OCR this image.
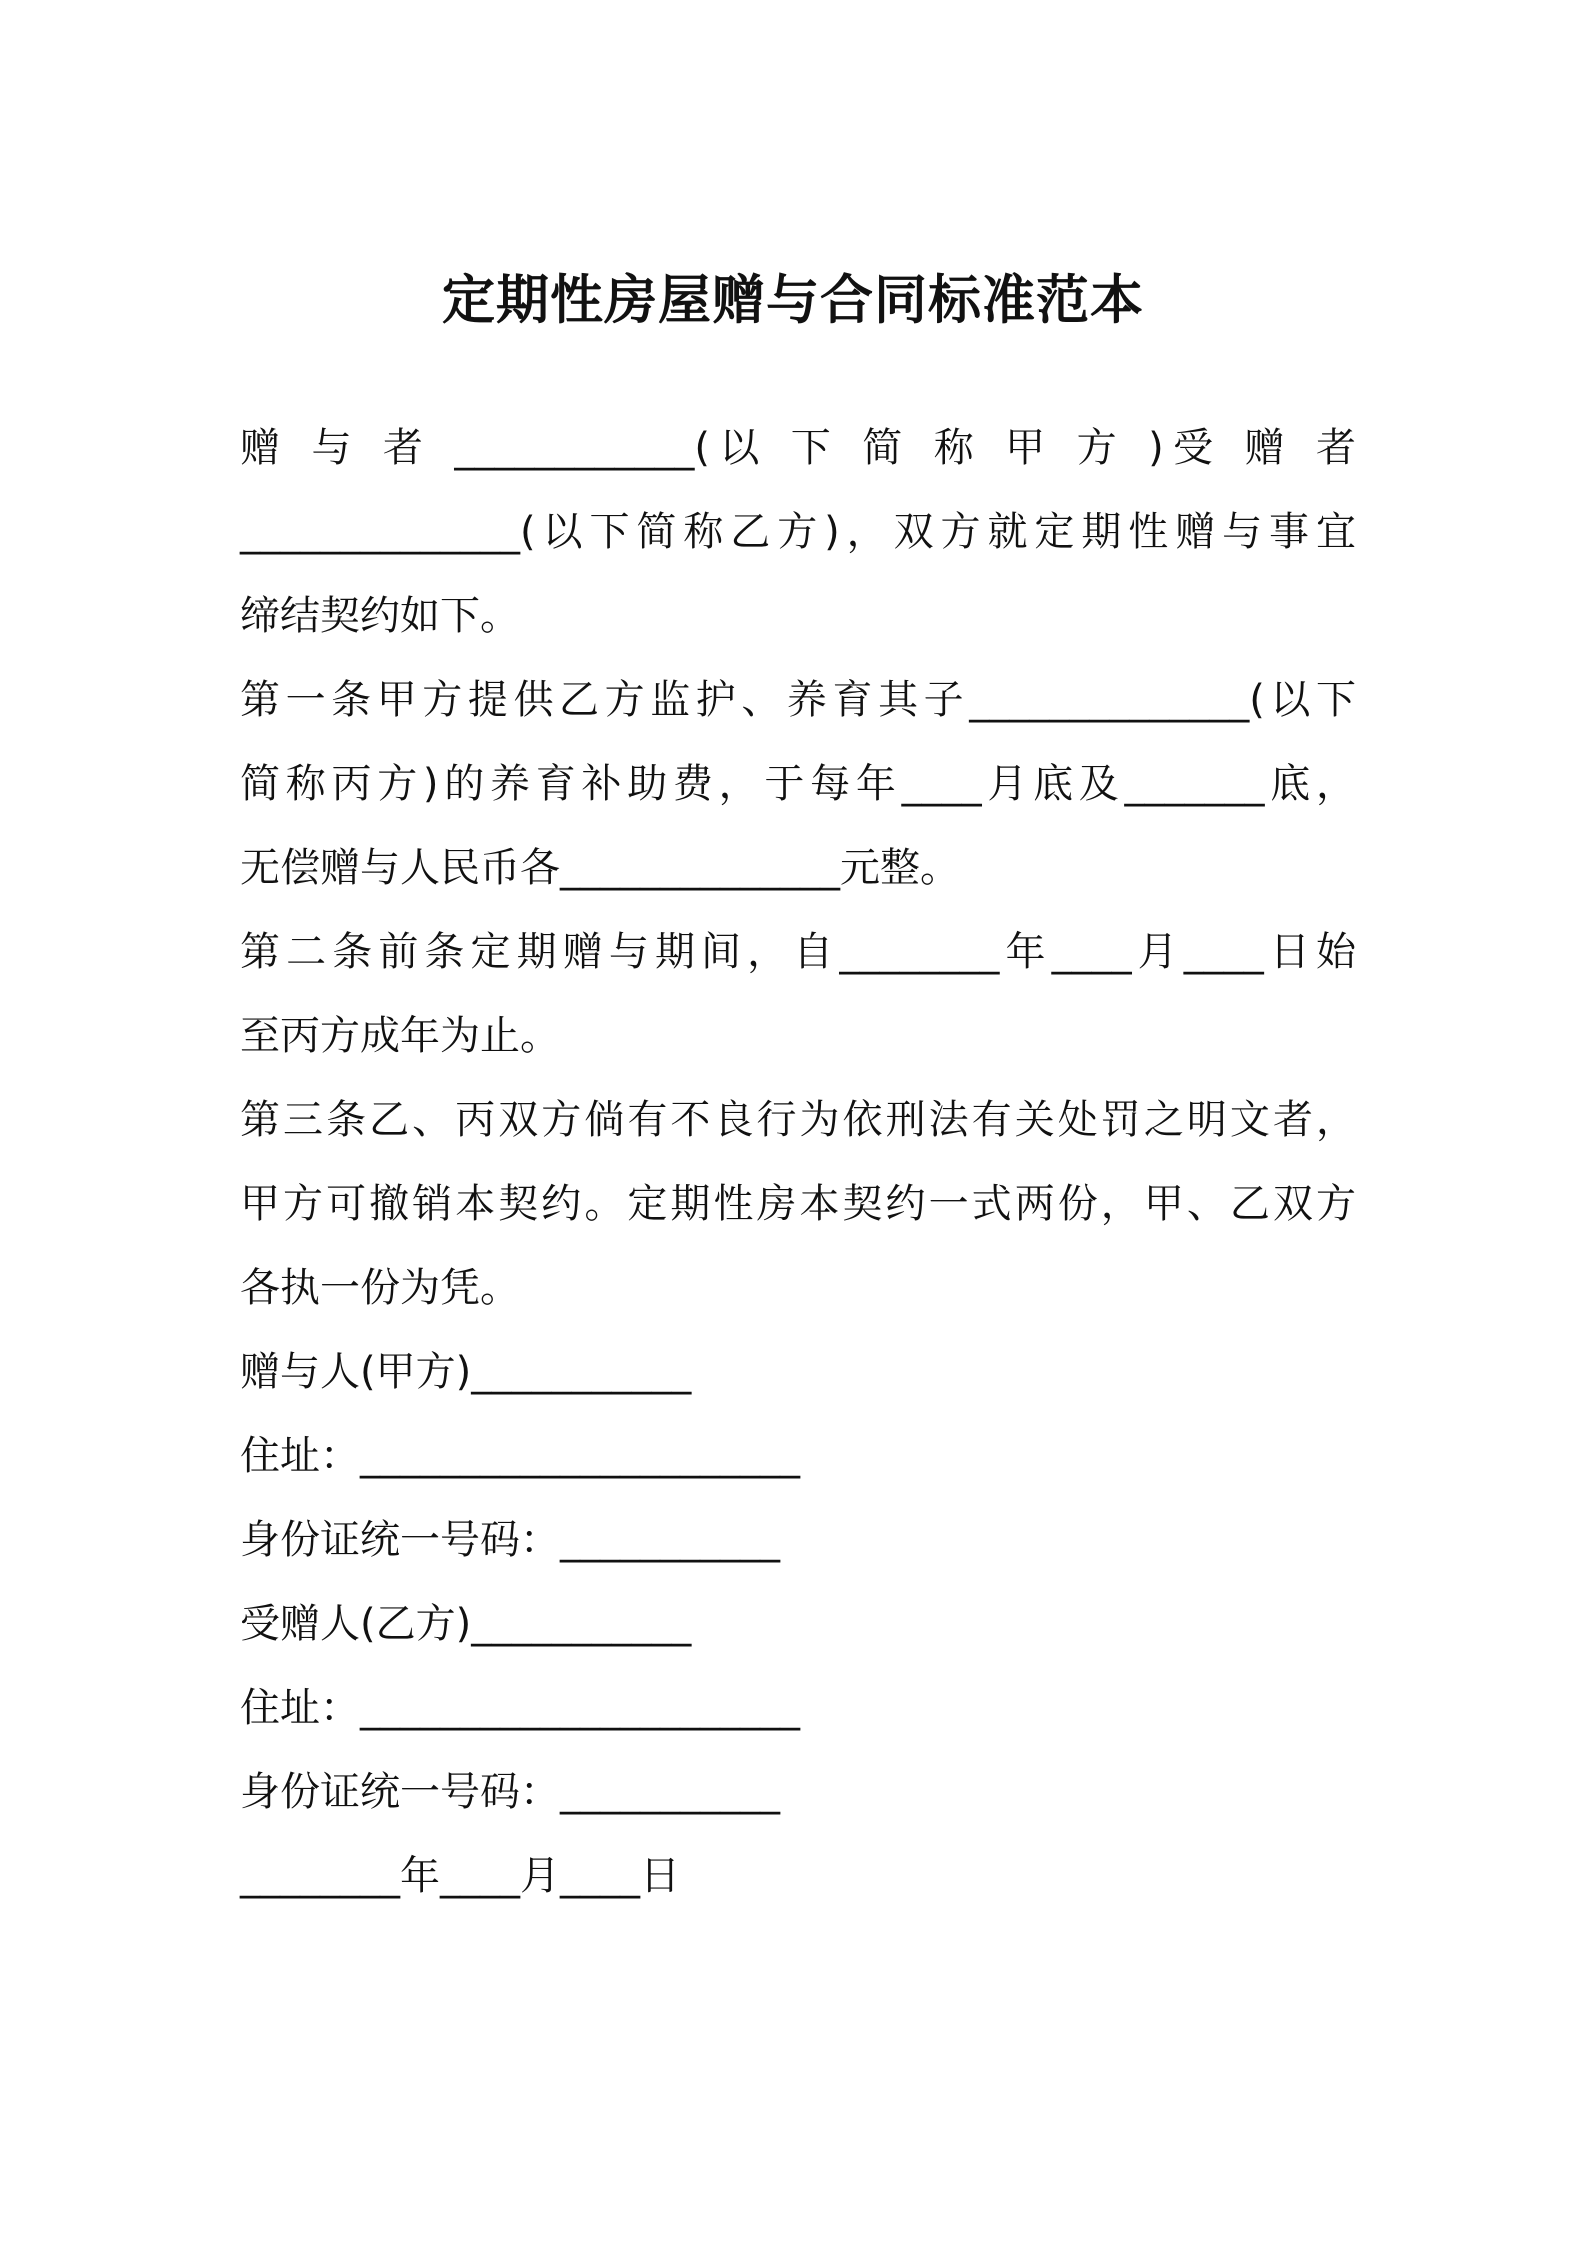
定期性房屋赠与合同标准范本
赠 与 者 ____________(以 下 简 称 甲 方 )受 赠 者
______________(以下简称乙方)，双方就定期性赠与事宜
缔结契约如下。
第一条甲方提供乙方监护、养育其子______________(以下
简称丙方)的养育补助费，于每年____月底及_______底，
无偿赠与人民币各______________元整。
第二条前条定期赠与期间，自________年____月____日始
至丙方成年为止。
第三条乙、丙双方倘有不良行为依刑法有关处罚之明文者，
甲方可撤销本契约。定期性房本契约一式两份，甲、乙双方
各执一份为凭。
赠与人(甲方)___________
住址：______________________
身份证统一号码：___________
受赠人(乙方)___________
住址：______________________
身份证统一号码：___________
________年____月____日
